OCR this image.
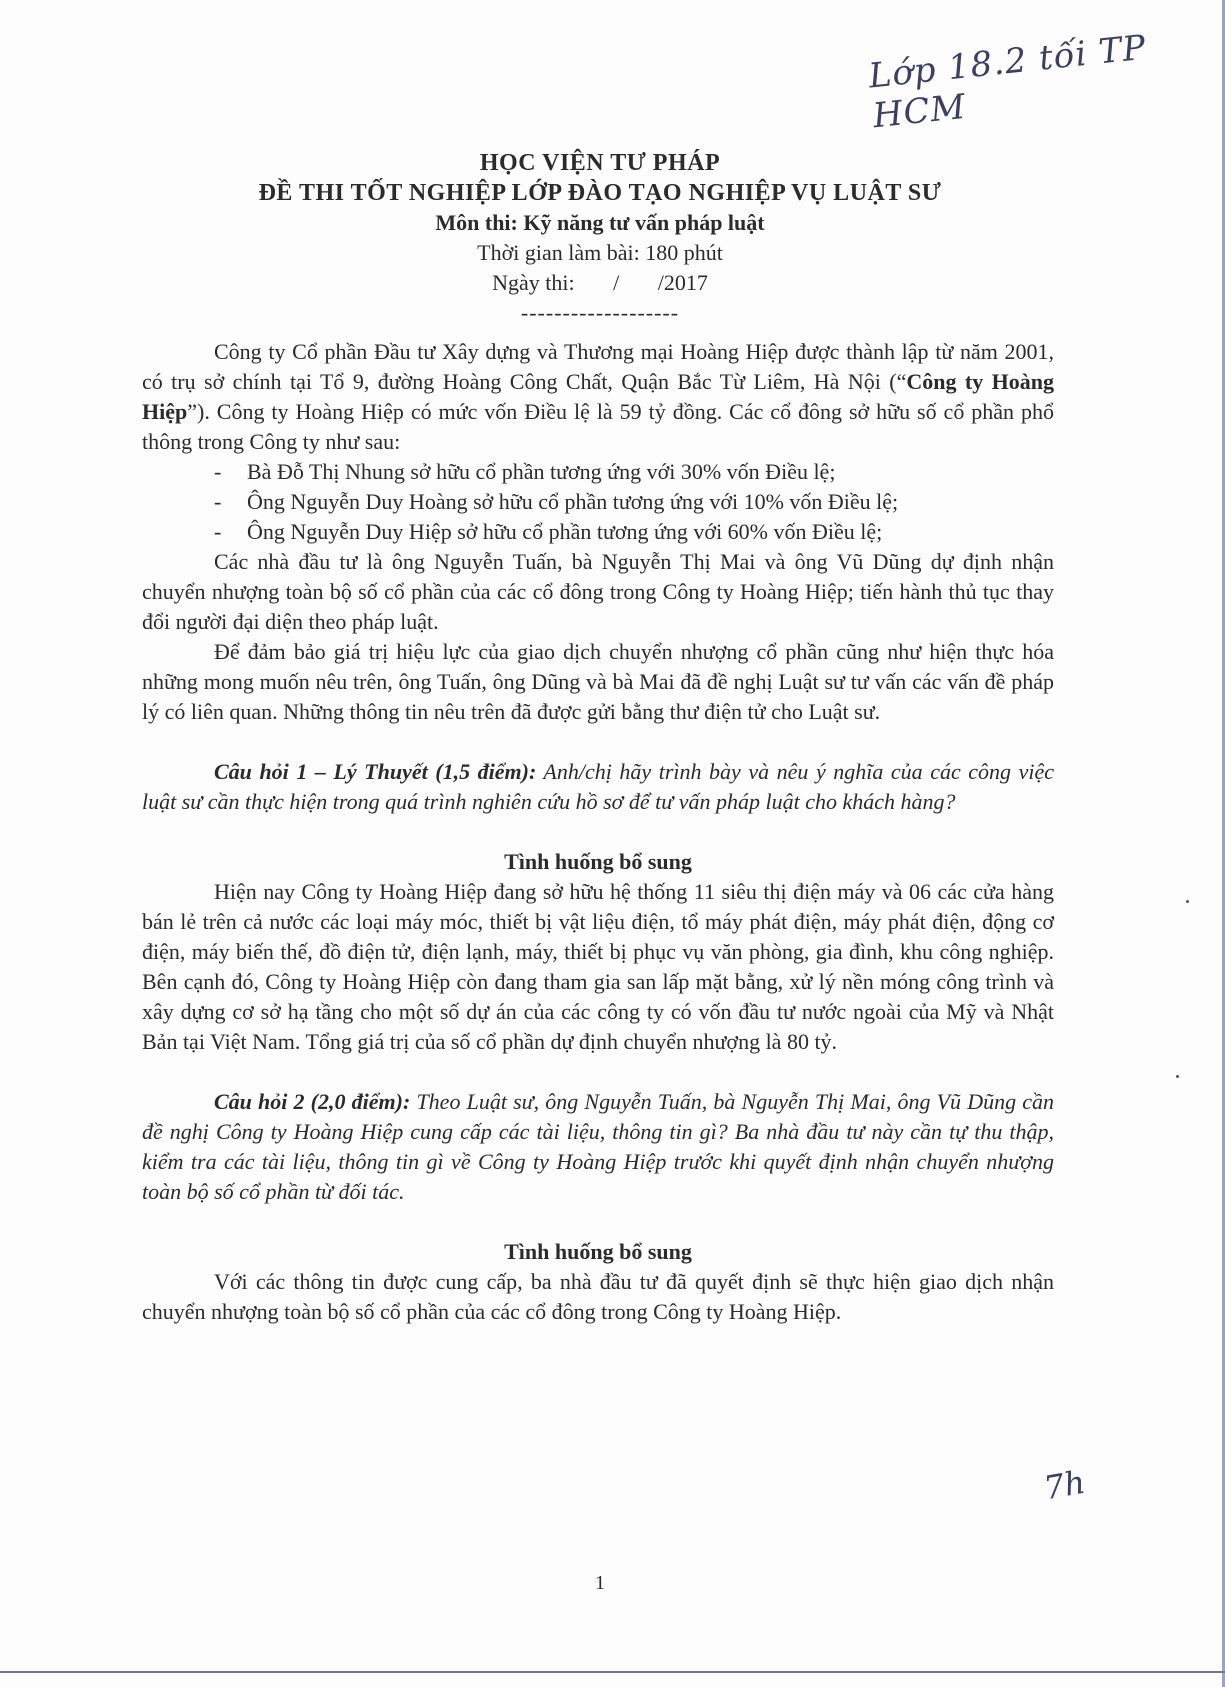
Lớp 18.2 tối TP HCM
7h
HỌC VIỆN TƯ PHÁP
ĐỀ THI TỐT NGHIỆP LỚP ĐÀO TẠO NGHIỆP VỤ LUẬT SƯ
Môn thi: Kỹ năng tư vấn pháp luật
Thời gian làm bài: 180 phút
Ngày thi:       /       /2017
-------------------

Công ty Cổ phần Đầu tư Xây dựng và Thương mại Hoàng Hiệp được thành lập từ năm 2001, có trụ sở chính tại Tổ 9, đường Hoàng Công Chất, Quận Bắc Từ Liêm, Hà Nội (“Công ty Hoàng Hiệp”). Công ty Hoàng Hiệp có mức vốn Điều lệ là 59 tỷ đồng. Các cổ đông sở hữu số cổ phần phổ thông trong Công ty như sau:

- Bà Đỗ Thị Nhung sở hữu cổ phần tương ứng với 30% vốn Điều lệ;
- Ông Nguyễn Duy Hoàng sở hữu cổ phần tương ứng với 10% vốn Điều lệ;
- Ông Nguyễn Duy Hiệp sở hữu cổ phần tương ứng với 60% vốn Điều lệ;

Các nhà đầu tư là ông Nguyễn Tuấn, bà Nguyễn Thị Mai và ông Vũ Dũng dự định nhận chuyển nhượng toàn bộ số cổ phần của các cổ đông trong Công ty Hoàng Hiệp; tiến hành thủ tục thay đổi người đại diện theo pháp luật.

Để đảm bảo giá trị hiệu lực của giao dịch chuyển nhượng cổ phần cũng như hiện thực hóa những mong muốn nêu trên, ông Tuấn, ông Dũng và bà Mai đã đề nghị Luật sư tư vấn các vấn đề pháp lý có liên quan. Những thông tin nêu trên đã được gửi bằng thư điện tử cho Luật sư.

Câu hỏi 1 – Lý Thuyết (1,5 điểm): Anh/chị hãy trình bày và nêu ý nghĩa của các công việc luật sư cần thực hiện trong quá trình nghiên cứu hồ sơ để tư vấn pháp luật cho khách hàng?

Tình huống bổ sung

Hiện nay Công ty Hoàng Hiệp đang sở hữu hệ thống 11 siêu thị điện máy và 06 các cửa hàng bán lẻ trên cả nước các loại máy móc, thiết bị vật liệu điện, tổ máy phát điện, máy phát điện, động cơ điện, máy biến thế, đồ điện tử, điện lạnh, máy, thiết bị phục vụ văn phòng, gia đình, khu công nghiệp. Bên cạnh đó, Công ty Hoàng Hiệp còn đang tham gia san lấp mặt bằng, xử lý nền móng công trình và xây dựng cơ sở hạ tầng cho một số dự án của các công ty có vốn đầu tư nước ngoài của Mỹ và Nhật Bản tại Việt Nam. Tổng giá trị của số cổ phần dự định chuyển nhượng là 80 tỷ.

Câu hỏi 2 (2,0 điểm): Theo Luật sư, ông Nguyễn Tuấn, bà Nguyễn Thị Mai, ông Vũ Dũng cần đề nghị Công ty Hoàng Hiệp cung cấp các tài liệu, thông tin gì? Ba nhà đầu tư này cần tự thu thập, kiểm tra các tài liệu, thông tin gì về Công ty Hoàng Hiệp trước khi quyết định nhận chuyển nhượng toàn bộ số cổ phần từ đối tác.

Tình huống bổ sung

Với các thông tin được cung cấp, ba nhà đầu tư đã quyết định sẽ thực hiện giao dịch nhận chuyển nhượng toàn bộ số cổ phần của các cổ đông trong Công ty Hoàng Hiệp.

1
